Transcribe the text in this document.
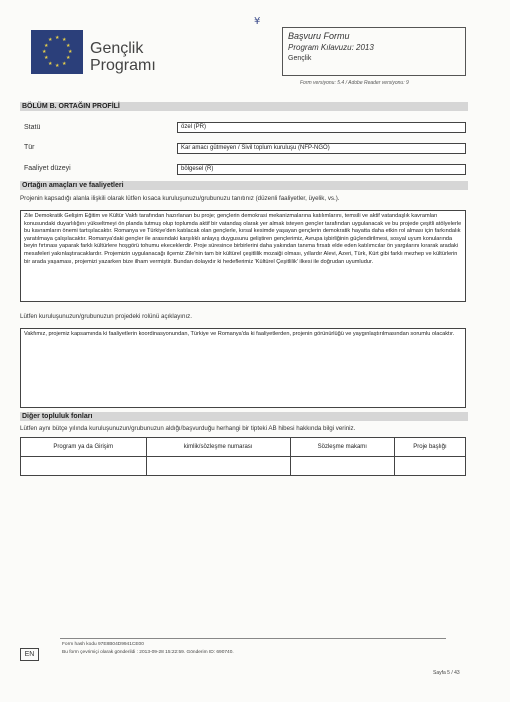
¥
★ ★
★
★
★
★
★
★
★
★
★
★ Gençlik
Programı
Başvuru Formu
Program Kılavuzu: 2013
Gençlik
Form versiyonu: 5.4 / Adobe Reader versiyonu: 9
BÖLÜM B. ORTAĞIN PROFİLİ
Statü	özel (PR)
Tür	Kar amacı gütmeyen / Sivil toplum kuruluşu (NFP-NGO)
Faaliyet düzeyi	bölgesel (R)
Ortağın amaçları ve faaliyetleri
Projenin kapsadığı alanla ilişkili olarak lütfen kısaca kuruluşunuzu/grubunuzu tanıtınız (düzenli faaliyetler, üyelik, vs.).
Zile Demokratik Gelişim Eğitim ve Kültür Vakfı tarafından hazırlanan bu proje; gençlerin demokrasi mekanizmalarına katılımlarını, temsili ve aktif vatandaşlık kavramları konusundaki duyarlılığını yükseltmeyi ön planda tutmuş olup toplumda aktif bir vatandaş olarak yer almak isteyen gençler tarafından uygulanacak ve bu projede çeşitli atölyelerle bu kavramların önemi tartışılacaktır. Romanya ve Türkiye'den katılacak olan gençlerle, kırsal kesimde yaşayan gençlerin demokratik hayatta daha etkin rol alması için farkındalık yaratılmaya çalışılacaktır. Romanya'daki gençler ile arasındaki karşılıklı anlayış duygusunu geliştiren gençlerimiz, Avrupa işbirliğinin güçlendirilmesi, sosyal uyum konularında beyin fırtınası yaparak farklı kültürlere hoşgörü tohumu ekeceklerdir. Proje süresince birbirlerini daha yakından tanıma fırsatı elde eden katılımcılar ön yargılarını kırarak aradaki mesafeleri yakınlaştıracaklardır. Projemizin uygulanacağı ilçemiz Zile'nin tam bir kültürel çeşitlilik mozaiği olması, yıllardır Alevi, Azeri, Türk, Kürt gibi farklı mezhep ve kültürlerin bir arada yaşaması, projemizi yazarken bize ilham vermiştir. Bundan dolayıdır ki hedeflerimiz 'Kültürel Çeşitlilik' ilkesi ile doğrudan uyumludur.
Lütfen kuruluşunuzun/grubunuzun projedeki rolünü açıklayınız.
Vakfımız, projemiz kapsamında ki faaliyetlerin koordinasyonundan, Türkiye ve Romanya'da ki faaliyetlerden, projenin görünürlüğü ve yaygınlaştırılmasından sorumlu olacaktır.
Diğer topluluk fonları
Lütfen aynı bütçe yılında kuruluşunuzun/grubunuzun aldığı/başvurduğu herhangi bir tipteki AB hibesi hakkında bilgi veriniz.
Program ya da Girişim	kimlik/sözleşme numarası	Sözleşme makamı	Proje başlığı

Form hash kodu 97E8B04D9941CE00
Bu form çevrimiçi olarak gönderildi : 2013-09-28 15:22:59. Gönderim ID: 690740.
EN
Sayfa 5 / 43
